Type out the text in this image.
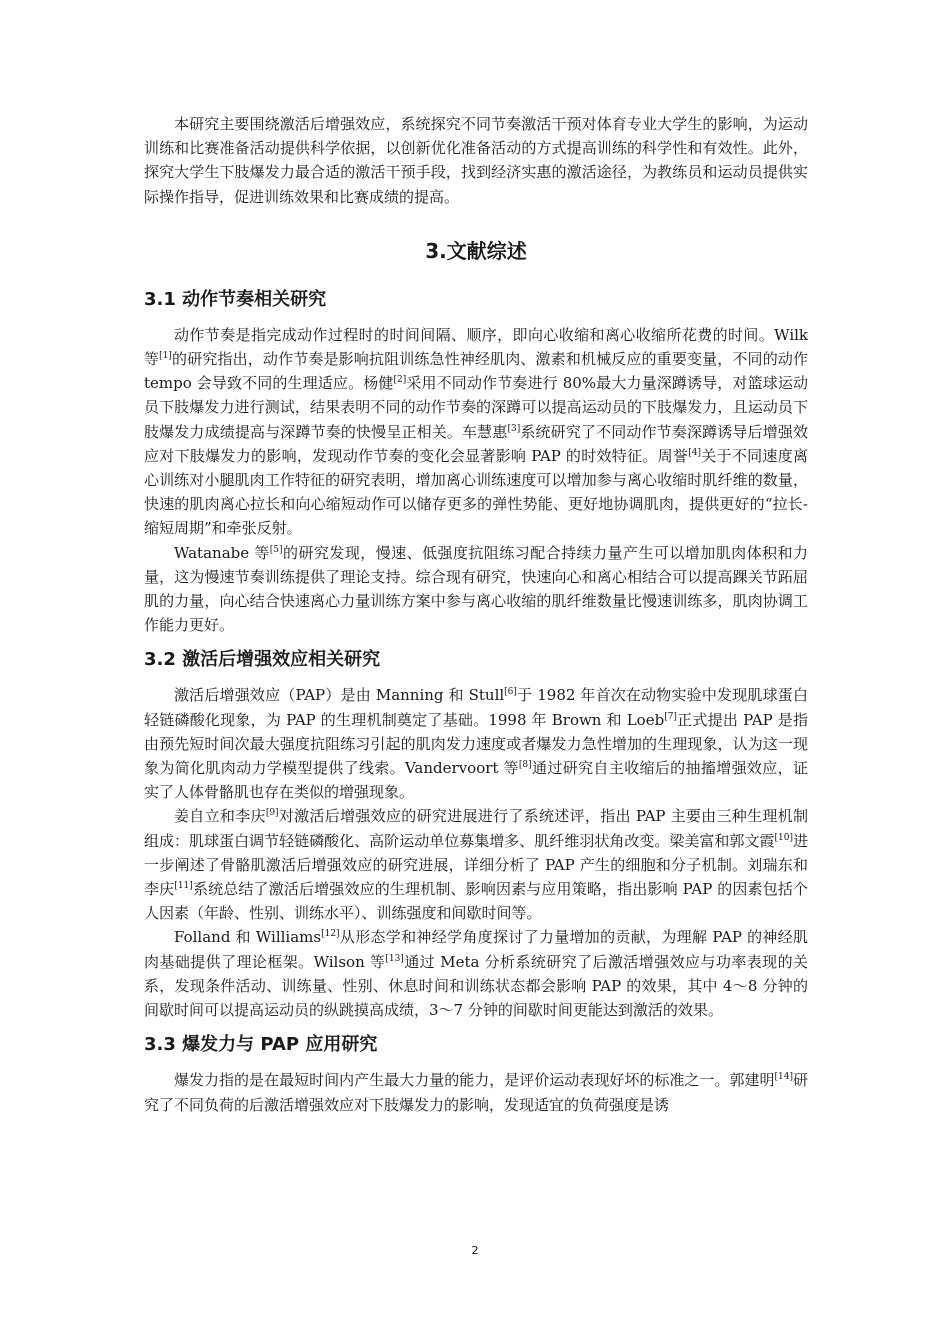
本研究主要围绕激活后增强效应，系统探究不同节奏激活干预对体育专业大学生的影响，为运动训练和比赛准备活动提供科学依据，以创新优化准备活动的方式提高训练的科学性和有效性。此外，探究大学生下肢爆发力最合适的激活干预手段，找到经济实惠的激活途径，为教练员和运动员提供实际操作指导，促进训练效果和比赛成绩的提高。

3.文献综述
3.1 动作节奏相关研究

动作节奏是指完成动作过程时的时间间隔、顺序，即向心收缩和离心收缩所花费的时间。Wilk 等[1]的研究指出，动作节奏是影响抗阻训练急性神经肌肉、激素和机械反应的重要变量，不同的动作 tempo 会导致不同的生理适应。杨健[2]采用不同动作节奏进行 80%最大力量深蹲诱导，对篮球运动员下肢爆发力进行测试，结果表明不同的动作节奏的深蹲可以提高运动员的下肢爆发力，且运动员下肢爆发力成绩提高与深蹲节奏的快慢呈正相关。车慧惠[3]系统研究了不同动作节奏深蹲诱导后增强效应对下肢爆发力的影响，发现动作节奏的变化会显著影响 PAP 的时效特征。周誉[4]关于不同速度离心训练对小腿肌肉工作特征的研究表明，增加离心训练速度可以增加参与离心收缩时肌纤维的数量，快速的肌肉离心拉长和向心缩短动作可以储存更多的弹性势能、更好地协调肌肉，提供更好的“拉长-缩短周期”和牵张反射。

Watanabe 等[5]的研究发现，慢速、低强度抗阻练习配合持续力量产生可以增加肌肉体积和力量，这为慢速节奏训练提供了理论支持。综合现有研究，快速向心和离心相结合可以提高踝关节跖屈肌的力量，向心结合快速离心力量训练方案中参与离心收缩的肌纤维数量比慢速训练多，肌肉协调工作能力更好。

3.2 激活后增强效应相关研究

激活后增强效应（PAP）是由 Manning 和 Stull[6]于 1982 年首次在动物实验中发现肌球蛋白轻链磷酸化现象，为 PAP 的生理机制奠定了基础。1998 年 Brown 和 Loeb[7]正式提出 PAP 是指由预先短时间次最大强度抗阻练习引起的肌肉发力速度或者爆发力急性增加的生理现象，认为这一现象为简化肌肉动力学模型提供了线索。Vandervoort 等[8]通过研究自主收缩后的抽搐增强效应，证实了人体骨骼肌也存在类似的增强现象。

姜自立和李庆[9]对激活后增强效应的研究进展进行了系统述评，指出 PAP 主要由三种生理机制组成：肌球蛋白调节轻链磷酸化、高阶运动单位募集增多、肌纤维羽状角改变。梁美富和郭文霞[10]进一步阐述了骨骼肌激活后增强效应的研究进展，详细分析了 PAP 产生的细胞和分子机制。刘瑞东和李庆[11]系统总结了激活后增强效应的生理机制、影响因素与应用策略，指出影响 PAP 的因素包括个人因素（年龄、性别、训练水平）、训练强度和间歇时间等。

Folland 和 Williams[12]从形态学和神经学角度探讨了力量增加的贡献，为理解 PAP 的神经肌肉基础提供了理论框架。Wilson 等[13]通过 Meta 分析系统研究了后激活增强效应与功率表现的关系，发现条件活动、训练量、性别、休息时间和训练状态都会影响 PAP 的效果，其中 4～8 分钟的间歇时间可以提高运动员的纵跳摸高成绩，3～7 分钟的间歇时间更能达到激活的效果。

3.3 爆发力与 PAP 应用研究

爆发力指的是在最短时间内产生最大力量的能力，是评价运动表现好坏的标准之一。郭建明[14]研究了不同负荷的后激活增强效应对下肢爆发力的影响，发现适宜的负荷强度是诱

2
